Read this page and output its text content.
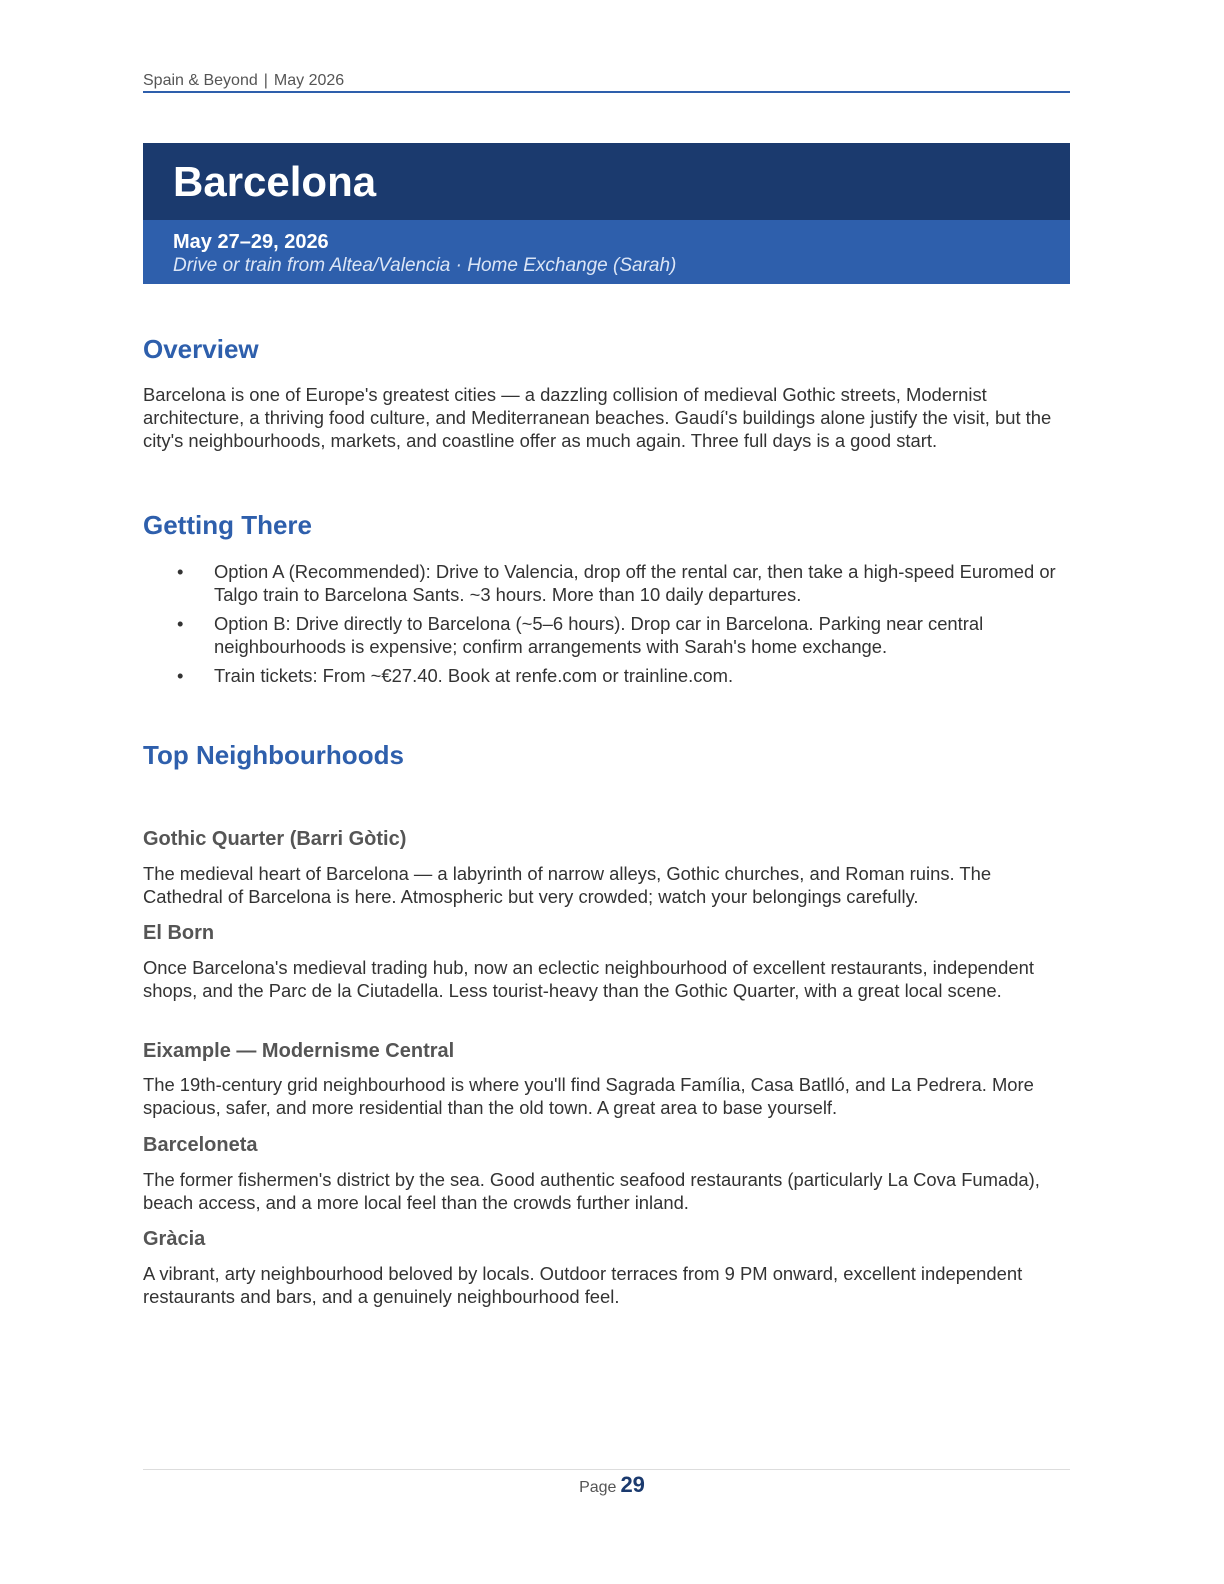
Spain & Beyond | May 2026
Barcelona
May 27–29, 2026
Drive or train from Altea/Valencia · Home Exchange (Sarah)
Overview

Barcelona is one of Europe's greatest cities — a dazzling collision of medieval Gothic streets, Modernist architecture, a thriving food culture, and Mediterranean beaches. Gaudí's buildings alone justify the visit, but the city's neighbourhoods, markets, and coastline offer as much again. Three full days is a good start.

Getting There
• Option A (Recommended): Drive to Valencia, drop off the rental car, then take a high-speed Euromed or Talgo train to Barcelona Sants. ~3 hours. More than 10 daily departures.
• Option B: Drive directly to Barcelona (~5–6 hours). Drop car in Barcelona. Parking near central neighbourhoods is expensive; confirm arrangements with Sarah's home exchange.
• Train tickets: From ~€27.40. Book at renfe.com or trainline.com.
Top Neighbourhoods
Gothic Quarter (Barri Gòtic)

The medieval heart of Barcelona — a labyrinth of narrow alleys, Gothic churches, and Roman ruins. The Cathedral of Barcelona is here. Atmospheric but very crowded; watch your belongings carefully.

El Born

Once Barcelona's medieval trading hub, now an eclectic neighbourhood of excellent restaurants, independent shops, and the Parc de la Ciutadella. Less tourist-heavy than the Gothic Quarter, with a great local scene.

Eixample — Modernisme Central

The 19th-century grid neighbourhood is where you'll find Sagrada Família, Casa Batlló, and La Pedrera. More spacious, safer, and more residential than the old town. A great area to base yourself.

Barceloneta

The former fishermen's district by the sea. Good authentic seafood restaurants (particularly La Cova Fumada), beach access, and a more local feel than the crowds further inland.

Gràcia

A vibrant, arty neighbourhood beloved by locals. Outdoor terraces from 9 PM onward, excellent independent restaurants and bars, and a genuinely neighbourhood feel.

Page 29
